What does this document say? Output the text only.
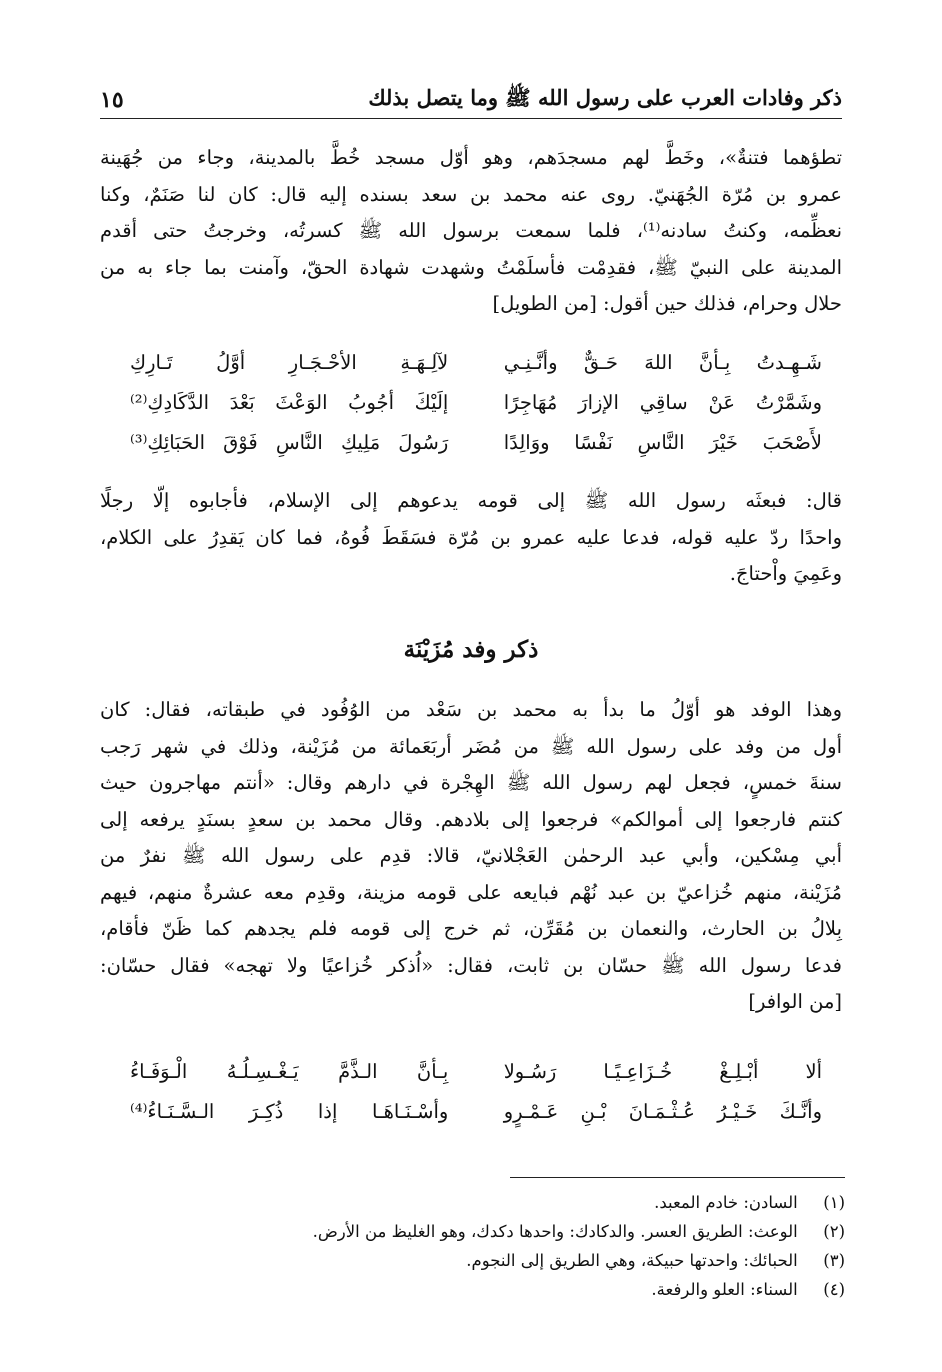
ذكر وفادات العرب على رسول الله ﷺ وما يتصل بذلك
١٥

تطؤهما فتنةٌ»، وخَطَّ لهم مسجدَهم، وهو أوّل مسجد خُطَّ بالمدينة، وجاء من جُهَينة
عمرو بن مُرّة الجُهَنيّ. روى عنه محمد بن سعد بسنده إليه قال: كان لنا صَنَمٌ، وكنا
نعظِّمه، وكنتُ سادنه⁽¹⁾، فلما سمعت برسول الله ﷺ كسرتُه، وخرجتُ حتى أقدم
المدينة على النبيّ ﷺ، فقدِمْت فأسلَمْتُ وشهدت شهادة الحقّ، وآمنت بما جاء به من
حلال وحرام، فذلك حين أقول: [من الطويل]

شَـهِـدتُ بِـأنَّ اللهَ حَـقٌّ وأنَّـنِـي
لآلِـهَـةِ الأحْـجَـارِ أوَّلُ تَـارِكِ
وشَمَّرْتُ عَنْ ساقِي الإزارَ مُهَاجِرًا
إلَيْكَ أجُوبُ الوَعْثَ بَعْدَ الدَّكَادِكِ⁽²⁾
لأَصْحَبَ خَيْرَ النَّاسِ نَفْسًا ووَالِدًا
رَسُولَ مَلِيكِ النَّاسِ فَوْقَ الحَبَائِكِ⁽³⁾

قال: فبعثَه رسول الله ﷺ إلى قومه يدعوهم إلى الإسلام، فأجابوه إلّا رجلًا
واحدًا ردّ عليه قوله، فدعا عليه عمرو بن مُرّة فسَقَطَ فُوهُ، فما كان يَقدِرُ على الكلام،
وعَمِيَ واْحتاجَ.

ذكر وفد مُزَيْنَة

وهذا الوفد هو أوّلُ ما بدأ به محمد بن سَعْد من الوُفُود في طبقاته، فقال: كان
أول من وفد على رسول الله ﷺ من مُضَر أربَعَمائة من مُزَيْنة، وذلك في شهر رَجب
سنةَ خمسٍ، فجعل لهم رسول الله ﷺ الهِجْرة في دارهم وقال: «أنتم مهاجرون حيث
كنتم فارجعوا إلى أموالكم» فرجعوا إلى بلادهم. وقال محمد بن سعدٍ بسنَدٍ يرفعه إلى
أبي مِسْكين، وأبي عبد الرحمٰن العَجْلانيّ، قالا: قدِم على رسول الله ﷺ نفرٌ من
مُزَيْنة، منهم خُزاعيّ بن عبد نُهْم فبايعه على قومه مزينة، وقدِم معه عشرةٌ منهم، فيهم
بِلالُ بن الحارث، والنعمان بن مُقَرِّن، ثم خرج إلى قومه فلم يجدهم كما ظَنّ فأقام،
فدعا رسول الله ﷺ حسّان بن ثابت، فقال: «اُذكر خُزاعيًا ولا تهجه» فقال حسّان:
[من الوافر]

ألا أبْـلِـغْ خُـزَاعِـيًـا رَسُـولا
بِـأنَّ الـذَّمَّ يَـغْـسِـلُـهُ الْـوَفَـاءُ
وأنَّـكَ خَـيْـرُ عُـثْـمَـانَ بْـنِ عَـمْـرٍو
وأسْـنَـاهَـا إذا ذُكِـرَ الـسَّـنَـاءُ⁽⁴⁾
(١) السادن: خادم المعبد.
(٢) الوعث: الطريق العسر. والدكادك: واحدها دكدك، وهو الغليظ من الأرض.
(٣) الحبائك: واحدتها حبيكة، وهي الطريق إلى النجوم.
(٤) السناء: العلو والرفعة.
